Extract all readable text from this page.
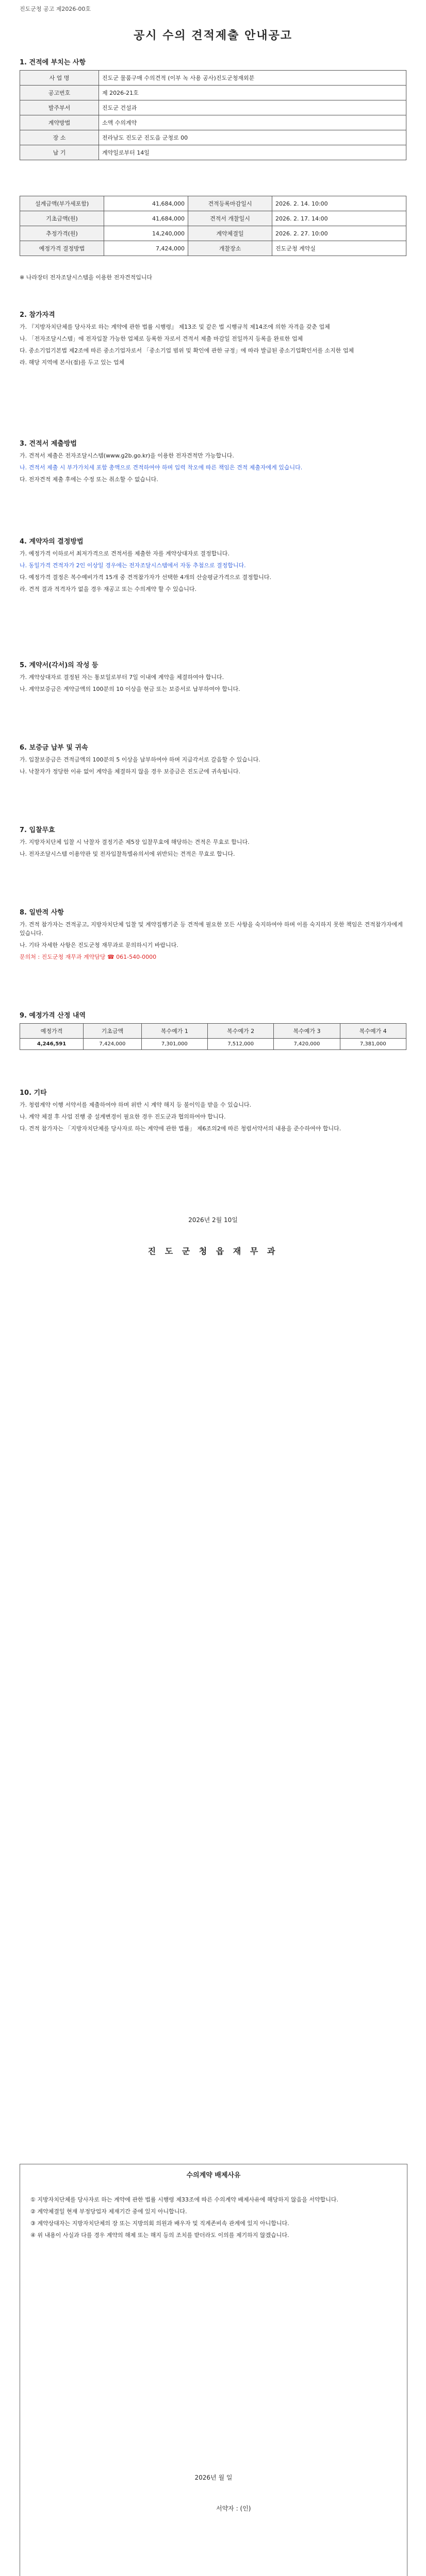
진도군청 공고 제2026-00호
공시 수의 견적제출 안내공고
1. 견적에 부치는 사항
사 업 명	진도군 물품구매 수의견적 (이부 녹 사용 공사)진도군청재외분
공고번호	제 2026-21호
발주부서	진도군 건설과
계약방법	소액 수의계약
장 소	전라남도 진도군 진도읍 군청로 00
납 기	계약일로부터 14일
설계금액(부가세포함)	41,684,000	견적등록마감일시	2026. 2. 14. 10:00
기초금액(원)	41,684,000	견적서 개찰일시	2026. 2. 17. 14:00
추정가격(원)	14,240,000	계약체결일	2026. 2. 27. 10:00
예정가격 결정방법	7,424,000	개찰장소	진도군청 계약실
※ 나라장터 전자조달시스템을 이용한 전자견적입니다
2. 참가자격

가. 『지방자치단체를 당사자로 하는 계약에 관한 법률 시행령』 제13조 및 같은 법 시행규칙 제14조에 의한 자격을 갖춘 업체

나. 「전자조달시스템」에 전자입찰 가능한 업체로 등록한 자로서 견적서 제출 마감일 전일까지 등록을 완료한 업체

다. 중소기업기본법 제2조에 따른 중소기업자로서 「중소기업 범위 및 확인에 관한 규정」에 따라 발급된 중소기업확인서를 소지한 업체

라. 해당 지역에 본사(점)를 두고 있는 업체

3. 견적서 제출방법

가. 견적서 제출은 전자조달시스템(www.g2b.go.kr)을 이용한 전자견적만 가능합니다.

나. 견적서 제출 시 부가가치세 포함 총액으로 견적하여야 하며 입력 착오에 따른 책임은 견적 제출자에게 있습니다.

다. 전자견적 제출 후에는 수정 또는 취소할 수 없습니다.

4. 계약자의 결정방법

가. 예정가격 이하로서 최저가격으로 견적서를 제출한 자를 계약상대자로 결정합니다.

나. 동일가격 견적자가 2인 이상일 경우에는 전자조달시스템에서 자동 추첨으로 결정합니다.

다. 예정가격 결정은 복수예비가격 15개 중 견적참가자가 선택한 4개의 산술평균가격으로 결정합니다.

라. 견적 결과 적격자가 없을 경우 재공고 또는 수의계약 할 수 있습니다.

5. 계약서(각서)의 작성 등

가. 계약상대자로 결정된 자는 통보일로부터 7일 이내에 계약을 체결하여야 합니다.

나. 계약보증금은 계약금액의 100분의 10 이상을 현금 또는 보증서로 납부하여야 합니다.

6. 보증금 납부 및 귀속

가. 입찰보증금은 견적금액의 100분의 5 이상을 납부하여야 하며 지급각서로 갈음할 수 있습니다.

나. 낙찰자가 정당한 이유 없이 계약을 체결하지 않을 경우 보증금은 진도군에 귀속됩니다.

7. 입찰무효

가. 지방자치단체 입찰 시 낙찰자 결정기준 제5장 입찰무효에 해당하는 견적은 무효로 합니다.

나. 전자조달시스템 이용약관 및 전자입찰특별유의서에 위반되는 견적은 무효로 합니다.

8. 일반적 사항

가. 견적 참가자는 견적공고, 지방자치단체 입찰 및 계약집행기준 등 견적에 필요한 모든 사항을 숙지하여야 하며 이를 숙지하지 못한 책임은 견적참가자에게 있습니다.

나. 기타 자세한 사항은 진도군청 재무과로 문의하시기 바랍니다.

문의처 : 진도군청 재무과 계약담당 ☎ 061-540-0000

9. 예정가격 산정 내역
예정가격	기초금액	복수예가 1	복수예가 2	복수예가 3	복수예가 4
4,246,591	7,424,000	7,301,000	7,512,000	7,420,000	7,381,000
10. 기타

가. 청렴계약 이행 서약서를 제출하여야 하며 위반 시 계약 해지 등 불이익을 받을 수 있습니다.

나. 계약 체결 후 사업 진행 중 설계변경이 필요한 경우 진도군과 협의하여야 합니다.

다. 견적 참가자는 「지방자치단체를 당사자로 하는 계약에 관한 법률」 제6조의2에 따른 청렴서약서의 내용을 준수하여야 합니다.

2026년 2월 10일
진 도 군 청 읍 재 무 과
수의계약 배제사유

① 지방자치단체를 당사자로 하는 계약에 관한 법률 시행령 제33조에 따른 수의계약 배제사유에 해당하지 않음을 서약합니다.

② 계약체결일 현재 부정당업자 제재기간 중에 있지 아니합니다.

③ 계약상대자는 지방자치단체의 장 또는 지방의회 의원과 배우자 및 직계존비속 관계에 있지 아니합니다.

④ 위 내용이 사실과 다를 경우 계약의 해제 또는 해지 등의 조치를 받더라도 이의를 제기하지 않겠습니다.

2026년 월 일
서약자 : (인)
